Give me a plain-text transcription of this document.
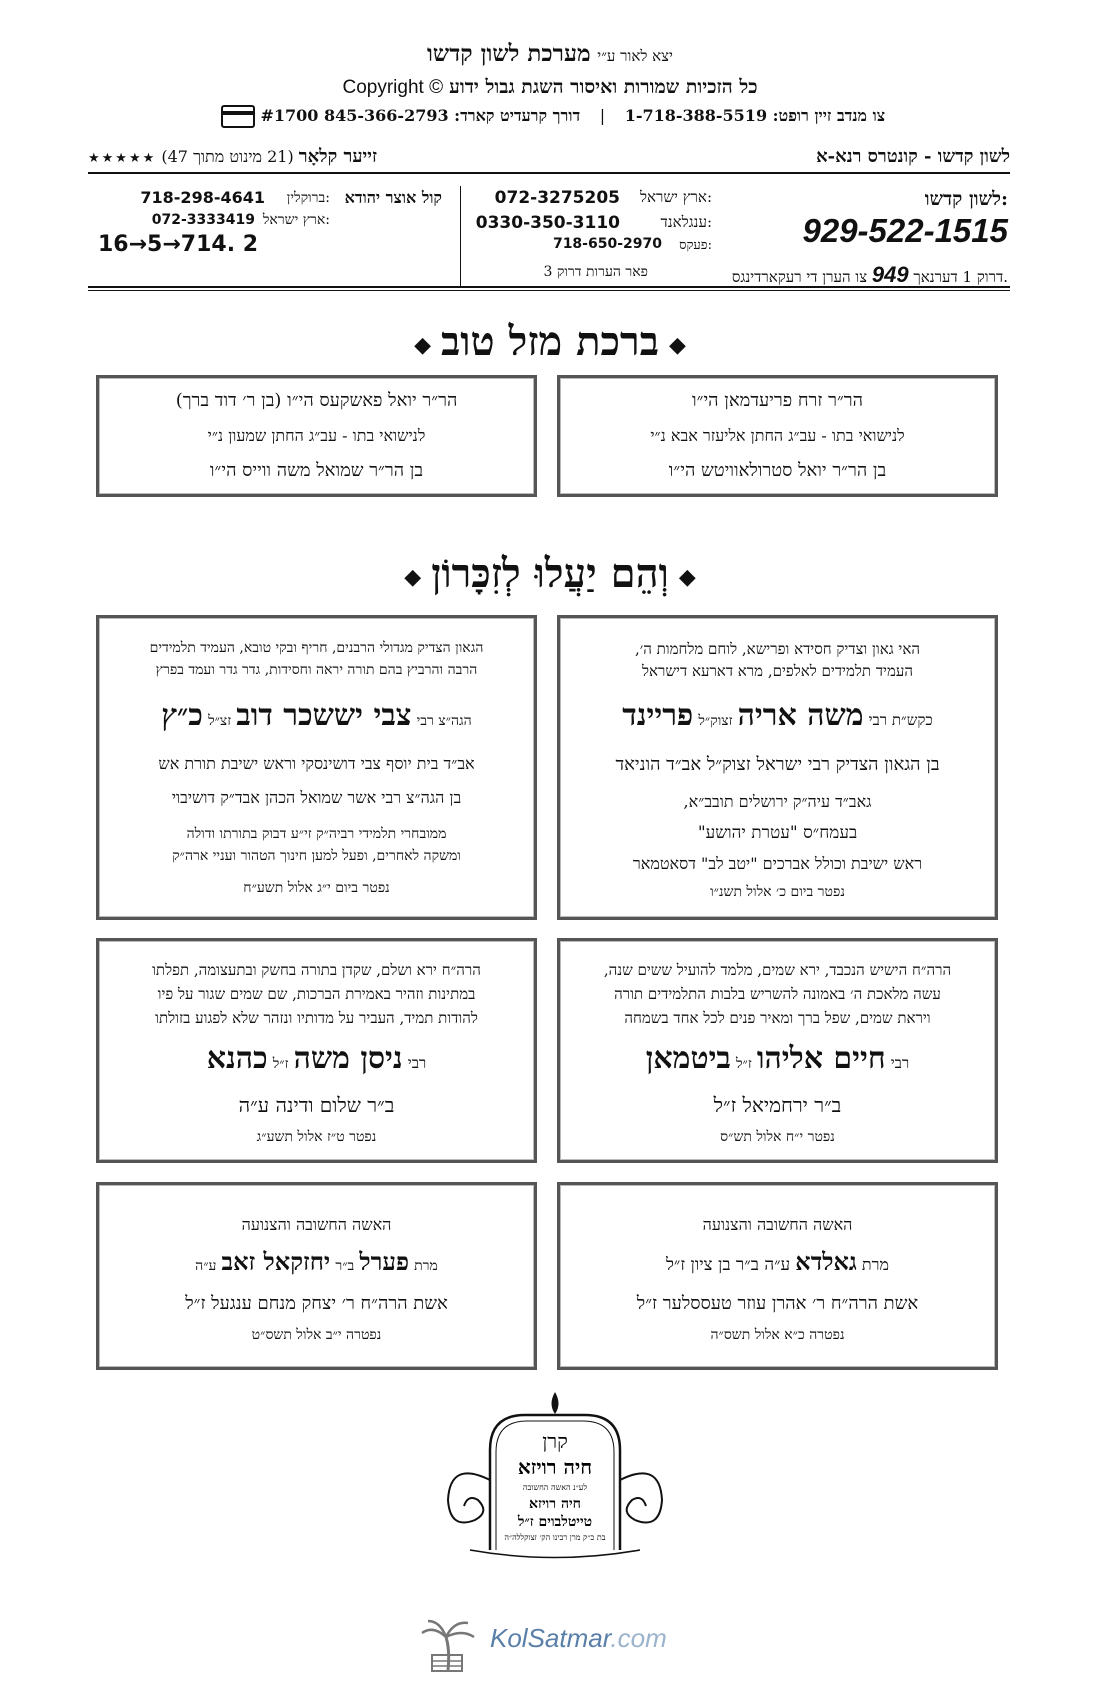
יצא לאור ע״י מערכת לשון קדשו
כל הזכיות שמורות ואיסור השגת גבול ידוע Copyright ©
צו מנדב זיין רופט: 1-718-388-5519 | דורך קרעדיט קארד: 845-366-2793 #1700
לשון קדשו - קונטרס רנא-א
זייער קלאָר (21 מינוט מתוך 47) ★★★★★
לשון קדשו:
929-522-1515
דרוק 1 דערנאך 949 צו הערן די רעקארדינגס.
ארץ ישראל:
072-3275205
ענגלאנד:
0330-350-3110
פעקס:
718-650-2970
פאר הערות דרוק 3
קול אוצר יהודא
ברוקלין:
718-298-4641
ארץ ישראל:
072-3333419
16→5→714. 2
◆ברכת מזל טוב◆
הר״ר זרח פריעדמאן הי״ו
לנישואי בתו - עב״ג החתן אליעזר אבא נ״י
בן הר״ר יואל סטרולאוויטש הי״ו
הר״ר יואל פאשקעס הי״ו (בן ר׳ דוד ברך)
לנישואי בתו - עב״ג החתן שמעון נ״י
בן הר״ר שמואל משה ווייס הי״ו
◆וְהֵם יַעֲלוּ לְזִכָּרוֹן◆
האי גאון וצדיק חסידא ופרישא, לוחם מלחמות ה׳,
העמיד תלמידים לאלפים, מרא דארעא דישראל
כקש״ת רבי משה אריה זצוק״ל פריינד
בן הגאון הצדיק רבי ישראל זצוק״ל אב״ד הוניאד
גאב״ד עיה״ק ירושלים תובב״א,
בעמח״ס "עטרת יהושע"
ראש ישיבת וכולל אברכים "יטב לב" דסאטמאר
נפטר ביום כ׳ אלול תשנ״ו
הגאון הצדיק מגדולי הרבנים, חריף ובקי טובא, העמיד תלמידים
הרבה והרביץ בהם תורה יראה וחסידות, גדר גדר ועמד בפרץ
הגה״צ רבי צבי יששכר דוב זצ״ל כ״ץ
אב״ד בית יוסף צבי דושינסקי וראש ישיבת תורת אש
בן הגה״צ רבי אשר שמואל הכהן אבד״ק דושיבוי
ממובחרי תלמידי רביה״ק זי״ע דבוק בתורתו ודולה
ומשקה לאחרים, ופעל למען חינוך הטהור ועניי ארה״ק
נפטר ביום י״ג אלול תשע״ח
הרה״ח הישיש הנכבד, ירא שמים, מלמד להועיל ששים שנה,
עשה מלאכת ה׳ באמונה להשריש בלבות התלמידים תורה
ויראת שמים, שפל ברך ומאיר פנים לכל אחד בשמחה
רבי חיים אליהו ז״ל ביטמאן
ב״ר ירחמיאל ז״ל
נפטר י״ח אלול תש״ס
הרה״ח ירא ושלם, שקדן בתורה בחשק ובתעצומה, תפלתו
במתינות וזהיר באמירת הברכות, שם שמים שגור על פיו
להודות תמיד, העביר על מדותיו ונזהר שלא לפגוע בזולתו
רבי ניסן משה ז״ל כהנא
ב״ר שלום ודינה ע״ה
נפטר ט״ז אלול תשע״ג
האשה החשובה והצנועה
מרת גאלדא ע״ה ב״ר בן ציון ז״ל
אשת הרה״ח ר׳ אהרן עוזר טעססלער ז״ל
נפטרה כ״א אלול תשס״ה
האשה החשובה והצנועה
מרת פערל ב״ר יחזקאל זאב ע״ה
אשת הרה״ח ר׳ יצחק מנחם ענגעל ז״ל
נפטרה י״ב אלול תשס״ט
קרן
חיה רויזא
לע״נ האשה החשובה
חיה רויזא
טייטלבוים ז״ל
בת כ״ק מרן רבינו הק׳ זצוקללה״ה
KolSatmar.com
